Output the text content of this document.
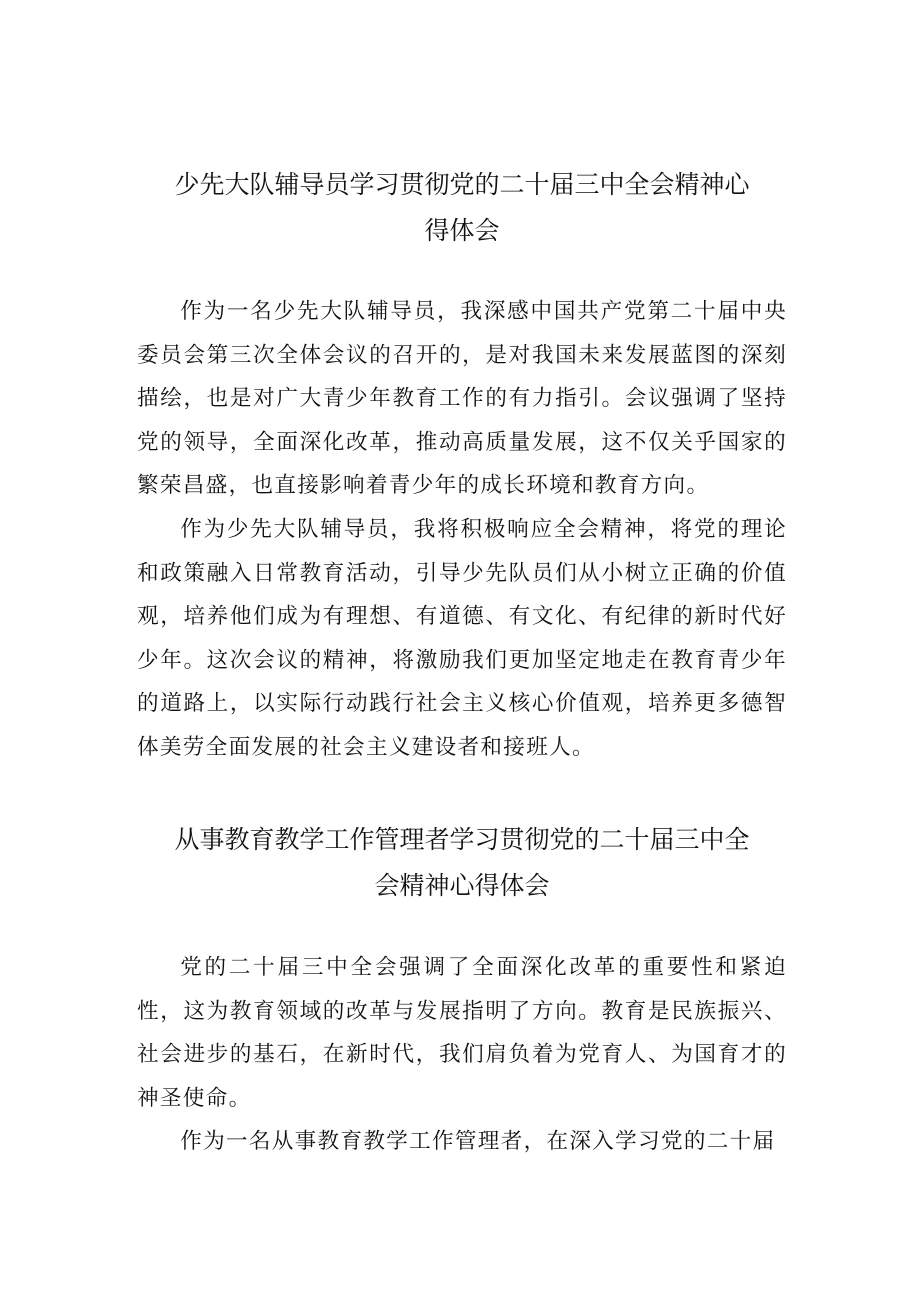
少先大队辅导员学习贯彻党的二十届三中全会精神心
得体会

作为一名少先大队辅导员，我深感中国共产党第二十届中央委员会第三次全体会议的召开的，是对我国未来发展蓝图的深刻描绘，也是对广大青少年教育工作的有力指引。会议强调了坚持党的领导，全面深化改革，推动高质量发展，这不仅关乎国家的繁荣昌盛，也直接影响着青少年的成长环境和教育方向。

作为少先大队辅导员，我将积极响应全会精神，将党的理论和政策融入日常教育活动，引导少先队员们从小树立正确的价值观，培养他们成为有理想、有道德、有文化、有纪律的新时代好少年。这次会议的精神，将激励我们更加坚定地走在教育青少年的道路上，以实际行动践行社会主义核心价值观，培养更多德智体美劳全面发展的社会主义建设者和接班人。

从事教育教学工作管理者学习贯彻党的二十届三中全
会精神心得体会

党的二十届三中全会强调了全面深化改革的重要性和紧迫性，这为教育领域的改革与发展指明了方向。教育是民族振兴、社会进步的基石，在新时代，我们肩负着为党育人、为国育才的神圣使命。

作为一名从事教育教学工作管理者，在深入学习党的二十届
